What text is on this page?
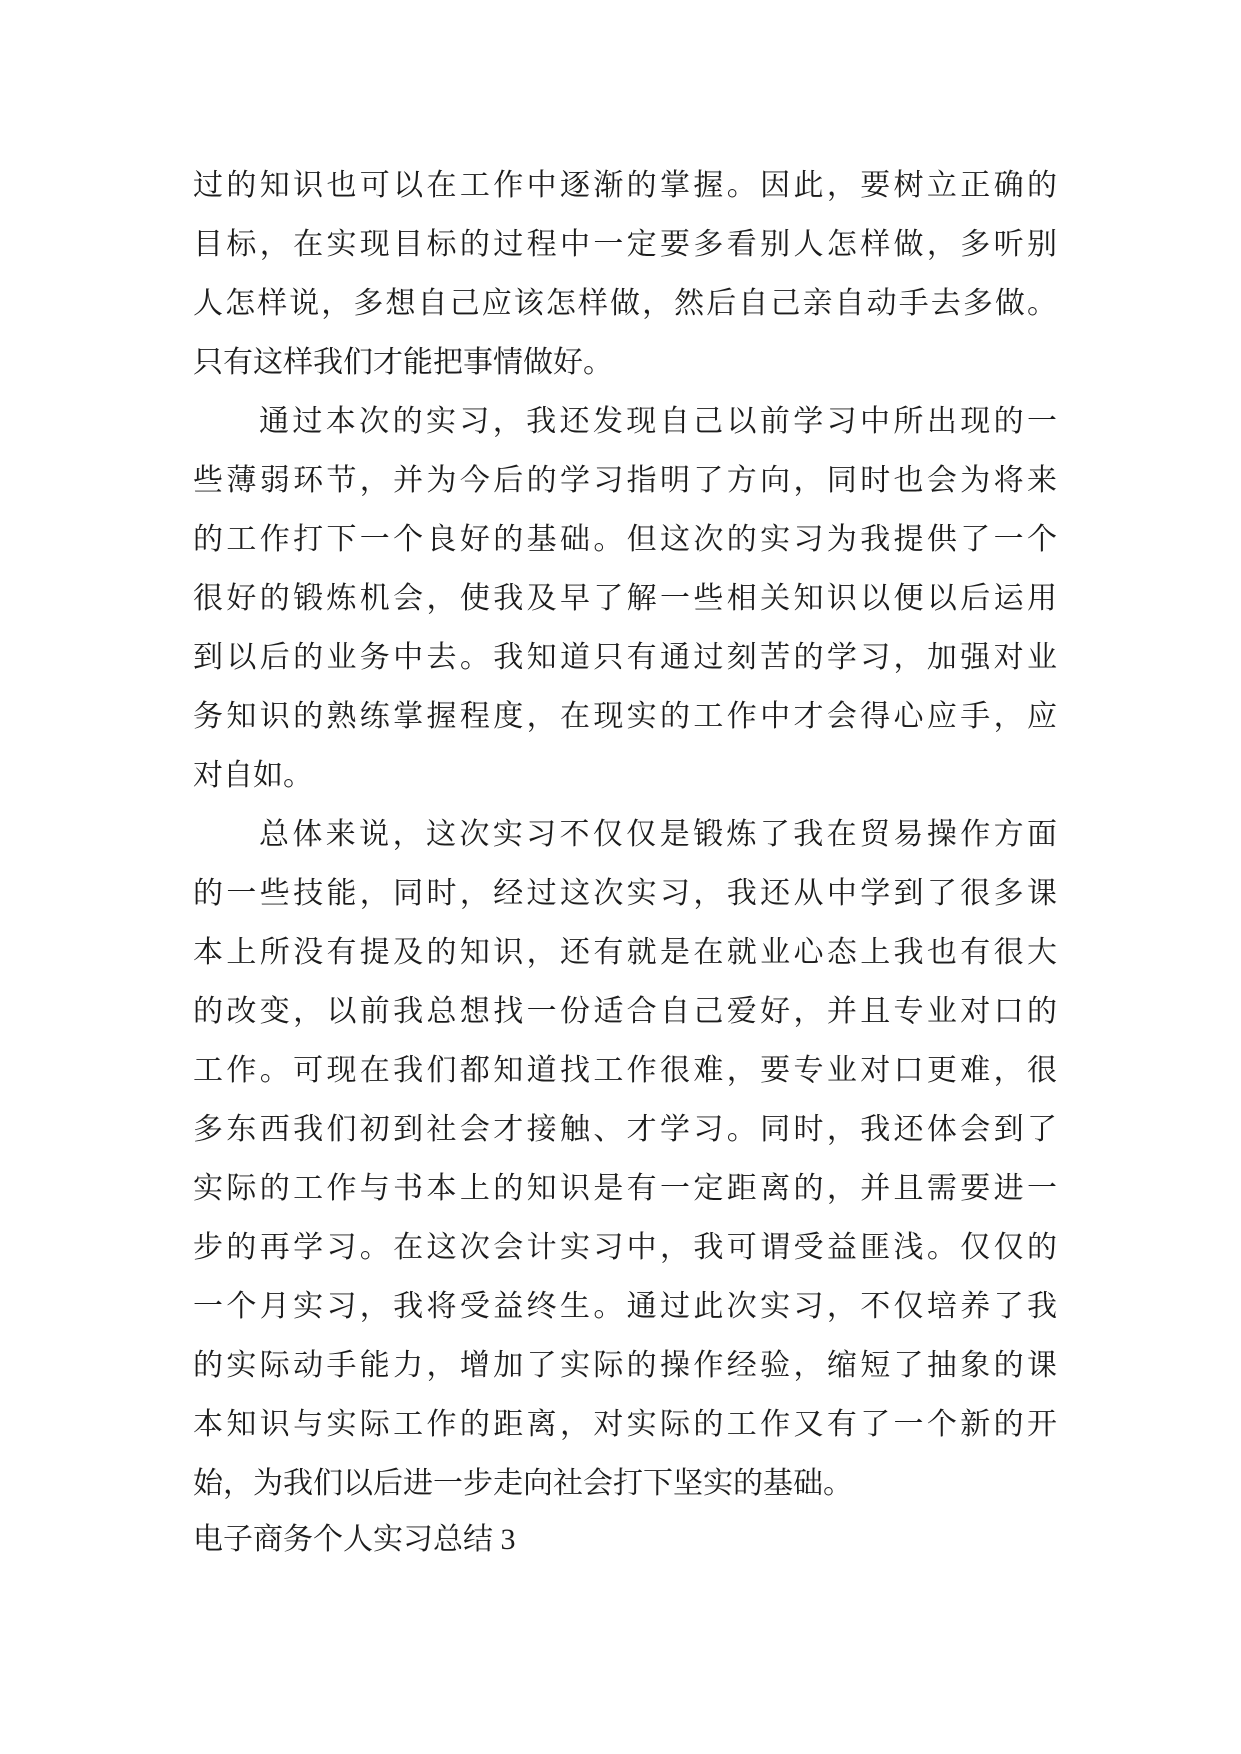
过的知识也可以在工作中逐渐的掌握。因此，要树立正确的
目标，在实现目标的过程中一定要多看别人怎样做，多听别
人怎样说，多想自己应该怎样做，然后自己亲自动手去多做。
只有这样我们才能把事情做好。
通过本次的实习，我还发现自己以前学习中所出现的一
些薄弱环节，并为今后的学习指明了方向，同时也会为将来
的工作打下一个良好的基础。但这次的实习为我提供了一个
很好的锻炼机会，使我及早了解一些相关知识以便以后运用
到以后的业务中去。我知道只有通过刻苦的学习，加强对业
务知识的熟练掌握程度，在现实的工作中才会得心应手，应
对自如。
总体来说，这次实习不仅仅是锻炼了我在贸易操作方面
的一些技能，同时，经过这次实习，我还从中学到了很多课
本上所没有提及的知识，还有就是在就业心态上我也有很大
的改变，以前我总想找一份适合自己爱好，并且专业对口的
工作。可现在我们都知道找工作很难，要专业对口更难，很
多东西我们初到社会才接触、才学习。同时，我还体会到了
实际的工作与书本上的知识是有一定距离的，并且需要进一
步的再学习。在这次会计实习中，我可谓受益匪浅。仅仅的
一个月实习，我将受益终生。通过此次实习，不仅培养了我
的实际动手能力，增加了实际的操作经验，缩短了抽象的课
本知识与实际工作的距离，对实际的工作又有了一个新的开
始，为我们以后进一步走向社会打下坚实的基础。
电子商务个人实习总结 3
